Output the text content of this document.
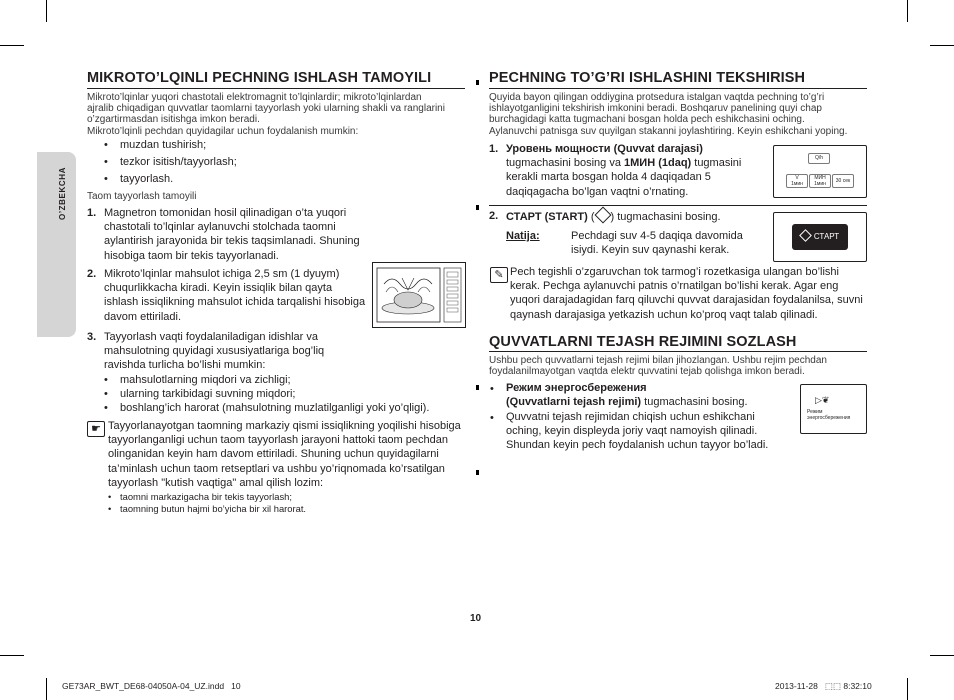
O’ZBEKCHA
MIKROTO’LQINLI PECHNING ISHLASH TAMOYILI
Mikroto’lqinlar yuqori chastotali elektromagnit to’lqinlardir; mikroto’lqinlardan
ajralib chiqadigan quvvatlar taomlarni tayyorlash yoki ularning shakli va ranglarini
o’zgartirmasdan isitishga imkon beradi.
Mikroto’lqinli pechdan quyidagilar uchun foydalanish mumkin:
• muzdan tushirish;
• tezkor isitish/tayyorlash;
• tayyorlash.
Taom tayyorlash tamoyili
1. Magnetron tomonidan hosil qilinadigan o’ta yuqori
chastotali to’lqinlar aylanuvchi stolchada taomni
aylantirish jarayonida bir tekis taqsimlanadi. Shuning
hisobiga taom bir tekis tayyorlanadi.
2. Mikroto’lqinlar mahsulot ichiga 2,5 sm (1 dyuym)
chuqurlikkacha kiradi. Keyin issiqlik bilan qayta
ishlash issiqlikning mahsulot ichida tarqalishi hisobiga
davom ettiriladi.
3. Tayyorlash vaqti foydalaniladigan idishlar va
mahsulotning quyidagi xususiyatlariga bog’liq
ravishda turlicha bo’lishi mumkin:
• mahsulotlarning miqdori va zichligi;
• ularning tarkibidagi suvning miqdori;
• boshlang’ich harorat (mahsulotning muzlatilganligi yoki yo’qligi).
☛ Tayyorlanayotgan taomning markaziy qismi issiqlikning yoqilishi hisobiga
tayyorlanganligi uchun taom tayyorlash jarayoni hattoki taom pechdan
olinganidan keyin ham davom ettiriladi. Shuning uchun quyidagilarni
ta’minlash uchun taom retseptlari va ushbu yo’riqnomada ko’rsatilgan
tayyorlash "kutish vaqtiga" amal qilish lozim:
• taomni markazigacha bir tekis tayyorlash;
• taomning butun hajmi bo’yicha bir xil harorat.
PECHNING TO’G’RI ISHLASHINI TEKSHIRISH
Quyida bayon qilingan oddiygina protsedura istalgan vaqtda pechning to’g’ri
ishlayotganligini tekshirish imkonini beradi. Boshqaruv panelining quyi chap
burchagidagi katta tugmachani bosgan holda pech eshikchasini oching.
Aylanuvchi patnisga suv quyilgan stakanni joylashtiring. Keyin eshikchani yoping.
1. Уровень мощности (Quvvat darajasi)
tugmachasini bosing va 1МИН (1daq) tugmasini
kerakli marta bosgan holda 4 daqiqadan 5
daqiqagacha bo’lgan vaqtni o’rnating.
Q/h
V
1мин
MИН
1мин	30 сек
2. СТАРТ (START) ( ) tugmachasini bosing.
Natija:	Pechdagi suv 4-5 daqiqa davomida
isiydi. Keyin suv qaynashi kerak.
СТАРТ
✎ Pech tegishli o’zgaruvchan tok tarmog’i rozetkasiga ulangan bo’lishi
kerak. Pechga aylanuvchi patnis o’rnatilgan bo’lishi kerak. Agar eng
yuqori darajadagidan farq qiluvchi quvvat darajasidan foydalanilsa, suvni
qaynash darajasiga yetkazish uchun ko’proq vaqt talab qilinadi.
QUVVATLARNI TEJASH REJIMINI SOZLASH
Ushbu pech quvvatlarni tejash rejimi bilan jihozlangan. Ushbu rejim pechdan
foydalanilmayotgan vaqtda elektr quvvatini tejab qolishga imkon beradi.
• Режим энергосбережения
(Quvvatlarni tejash rejimi) tugmachasini bosing.
• Quvvatni tejash rejimidan chiqish uchun eshikchani
oching, keyin displeyda joriy vaqt namoyish qilinadi.
Shundan keyin pech foydalanish uchun tayyor bo’ladi.
▷❦
Режим
энергосбережения
10
GE73AR_BWT_DE68-04050A-04_UZ.indd   10	2013-11-28   ⬚⬚ 8:32:10
